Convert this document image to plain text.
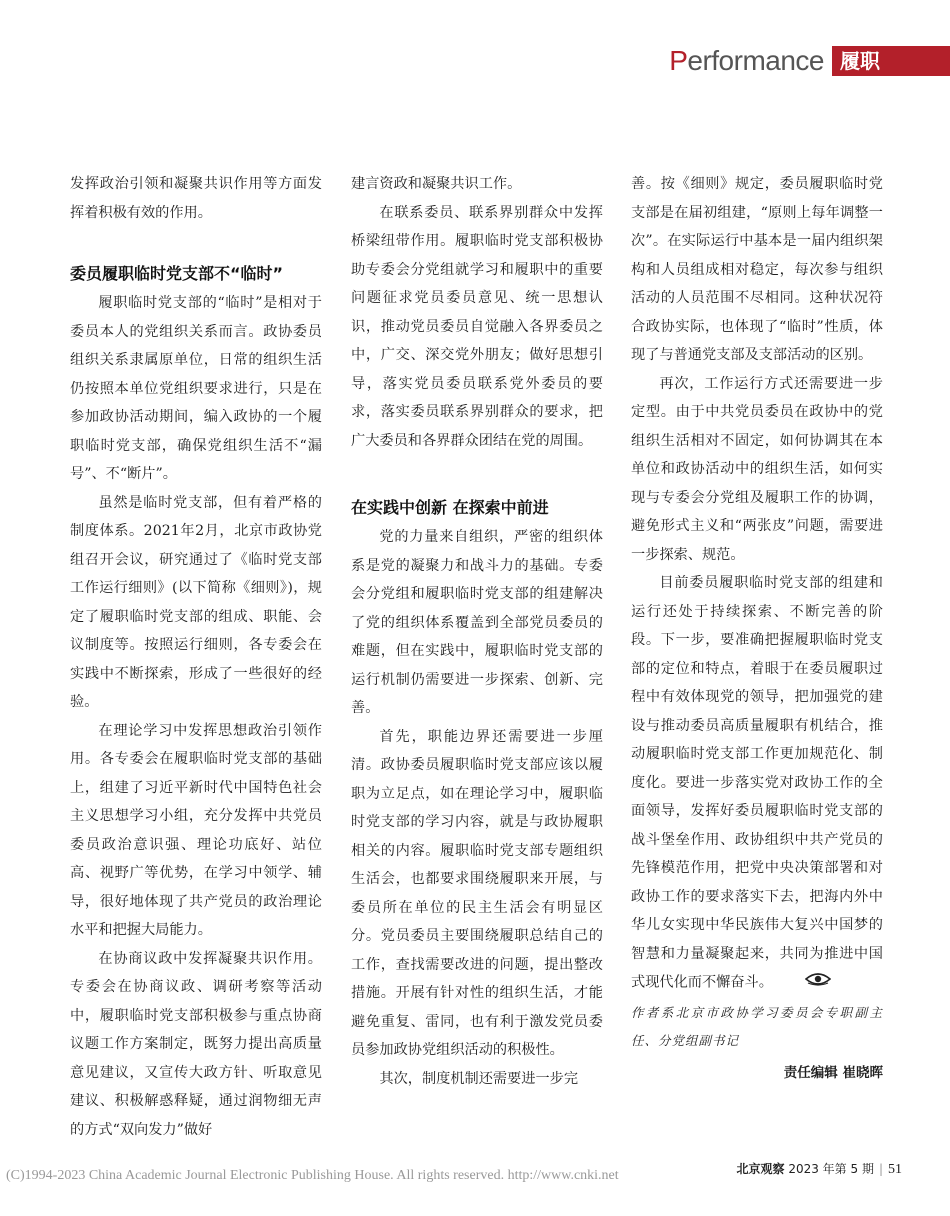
Performance 履职

发挥政治引领和凝聚共识作用等方面发挥着积极有效的作用。

委员履职临时党支部不“临时”

履职临时党支部的“临时”是相对于委员本人的党组织关系而言。政协委员组织关系隶属原单位，日常的组织生活仍按照本单位党组织要求进行，只是在参加政协活动期间，编入政协的一个履职临时党支部，确保党组织生活不“漏号”、不“断片”。

虽然是临时党支部，但有着严格的制度体系。2021年2月，北京市政协党组召开会议，研究通过了《临时党支部工作运行细则》(以下简称《细则》)，规定了履职临时党支部的组成、职能、会议制度等。按照运行细则，各专委会在实践中不断探索，形成了一些很好的经验。

在理论学习中发挥思想政治引领作用。各专委会在履职临时党支部的基础上，组建了习近平新时代中国特色社会主义思想学习小组，充分发挥中共党员委员政治意识强、理论功底好、站位高、视野广等优势，在学习中领学、辅导，很好地体现了共产党员的政治理论水平和把握大局能力。

在协商议政中发挥凝聚共识作用。专委会在协商议政、调研考察等活动中，履职临时党支部积极参与重点协商议题工作方案制定，既努力提出高质量意见建议，又宣传大政方针、听取意见建议、积极解惑释疑，通过润物细无声的方式“双向发力”做好

建言资政和凝聚共识工作。

在联系委员、联系界别群众中发挥桥梁纽带作用。履职临时党支部积极协助专委会分党组就学习和履职中的重要问题征求党员委员意见、统一思想认识，推动党员委员自觉融入各界委员之中，广交、深交党外朋友；做好思想引导，落实党员委员联系党外委员的要求，落实委员联系界别群众的要求，把广大委员和各界群众团结在党的周围。

在实践中创新 在探索中前进

党的力量来自组织，严密的组织体系是党的凝聚力和战斗力的基础。专委会分党组和履职临时党支部的组建解决了党的组织体系覆盖到全部党员委员的难题，但在实践中，履职临时党支部的运行机制仍需要进一步探索、创新、完善。

首先，职能边界还需要进一步厘清。政协委员履职临时党支部应该以履职为立足点，如在理论学习中，履职临时党支部的学习内容，就是与政协履职相关的内容。履职临时党支部专题组织生活会，也都要求围绕履职来开展，与委员所在单位的民主生活会有明显区分。党员委员主要围绕履职总结自己的工作，查找需要改进的问题，提出整改措施。开展有针对性的组织生活，才能避免重复、雷同，也有利于激发党员委员参加政协党组织活动的积极性。

其次，制度机制还需要进一步完

善。按《细则》规定，委员履职临时党支部是在届初组建，“原则上每年调整一次”。在实际运行中基本是一届内组织架构和人员组成相对稳定，每次参与组织活动的人员范围不尽相同。这种状况符合政协实际，也体现了“临时”性质，体现了与普通党支部及支部活动的区别。

再次，工作运行方式还需要进一步定型。由于中共党员委员在政协中的党组织生活相对不固定，如何协调其在本单位和政协活动中的组织生活，如何实现与专委会分党组及履职工作的协调，避免形式主义和“两张皮”问题，需要进一步探索、规范。

目前委员履职临时党支部的组建和运行还处于持续探索、不断完善的阶段。下一步，要准确把握履职临时党支部的定位和特点，着眼于在委员履职过程中有效体现党的领导，把加强党的建设与推动委员高质量履职有机结合，推动履职临时党支部工作更加规范化、制度化。要进一步落实党对政协工作的全面领导，发挥好委员履职临时党支部的战斗堡垒作用、政协组织中共产党员的先锋模范作用，把党中央决策部署和对政协工作的要求落实下去，把海内外中华儿女实现中华民族伟大复兴中国梦的智慧和力量凝聚起来，共同为推进中国式现代化而不懈奋斗。

作者系北京市政协学习委员会专职副主任、分党组副书记
责任编辑 崔晓晖
(C)1994-2023 China Academic Journal Electronic Publishing House. All rights reserved. http://www.cnki.net	北京观察 2023 年第 5 期 | 51
